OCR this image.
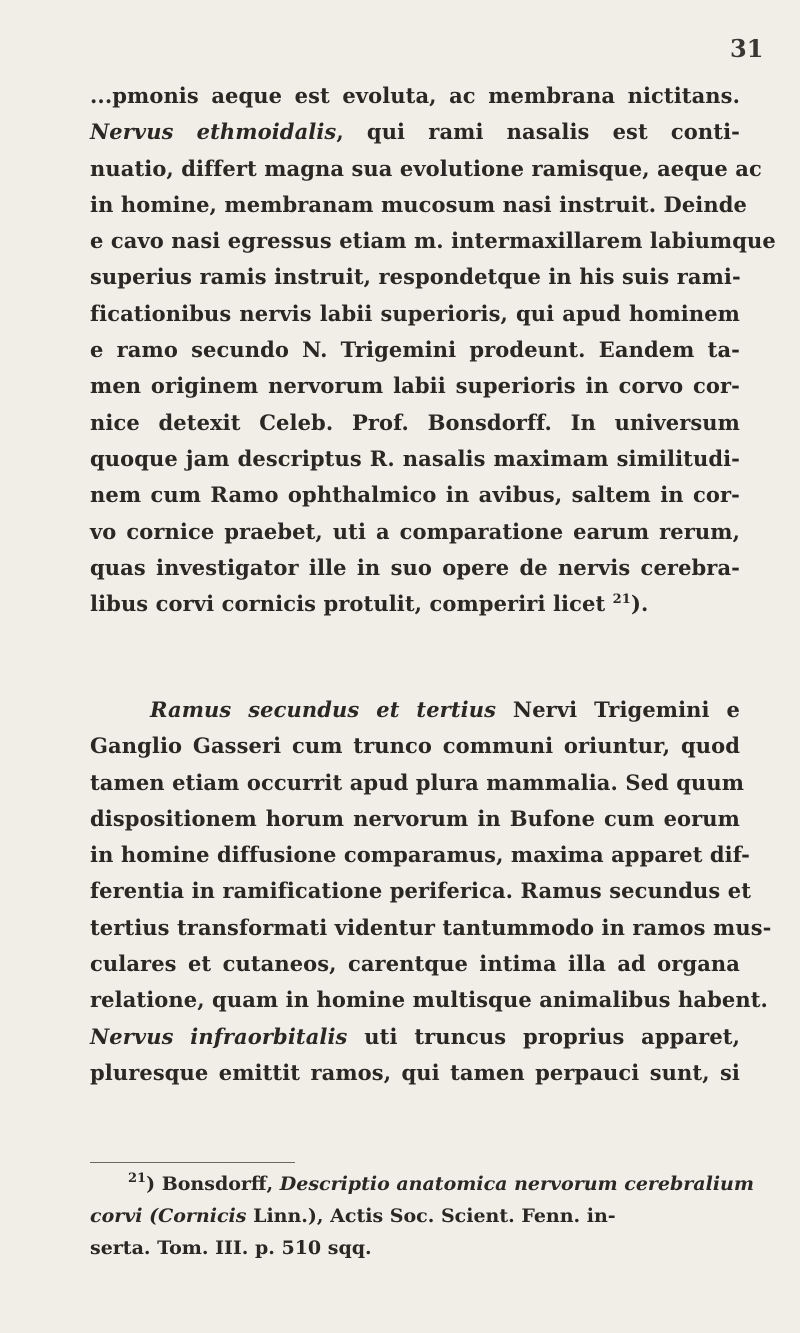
31
...pmonis aeque est evoluta, ac membrana nictitans.
Nervus ethmoidalis, qui rami nasalis est conti-
nuatio, differt magna sua evolutione ramisque, aeque ac
in homine, membranam mucosum nasi instruit. Deinde
e cavo nasi egressus etiam m. intermaxillarem labiumque
superius ramis instruit, respondetque in his suis rami-
ficationibus nervis labii superioris, qui apud hominem
e ramo secundo N. Trigemini prodeunt. Eandem ta-
men originem nervorum labii superioris in corvo cor-
nice detexit Celeb. Prof. Bonsdorff. In universum
quoque jam descriptus R. nasalis maximam similitudi-
nem cum Ramo ophthalmico in avibus, saltem in cor-
vo cornice praebet, uti a comparatione earum rerum,
quas investigator ille in suo opere de nervis cerebra-
libus corvi cornicis protulit, comperiri licet $^{21}$).
Ramus secundus et tertius Nervi Trigemini e
Ganglio Gasseri cum trunco communi oriuntur, quod
tamen etiam occurrit apud plura mammalia. Sed quum
dispositionem horum nervorum in Bufone cum eorum
in homine diffusione comparamus, maxima apparet dif-
ferentia in ramificatione periferica. Ramus secundus et
tertius transformati videntur tantummodo in ramos mus-
culares et cutaneos, carentque intima illa ad organa
relatione, quam in homine multisque animalibus habent.
Nervus infraorbitalis uti truncus proprius apparet,
pluresque emittit ramos, qui tamen perpauci sunt, si
$^{21}$) Bonsdorff, Descriptio anatomica nervorum cerebralium
corvi (Cornicis Linn.), Actis Soc. Scient. Fenn. in-
sertа. Tom. III. p. 510 sqq.
